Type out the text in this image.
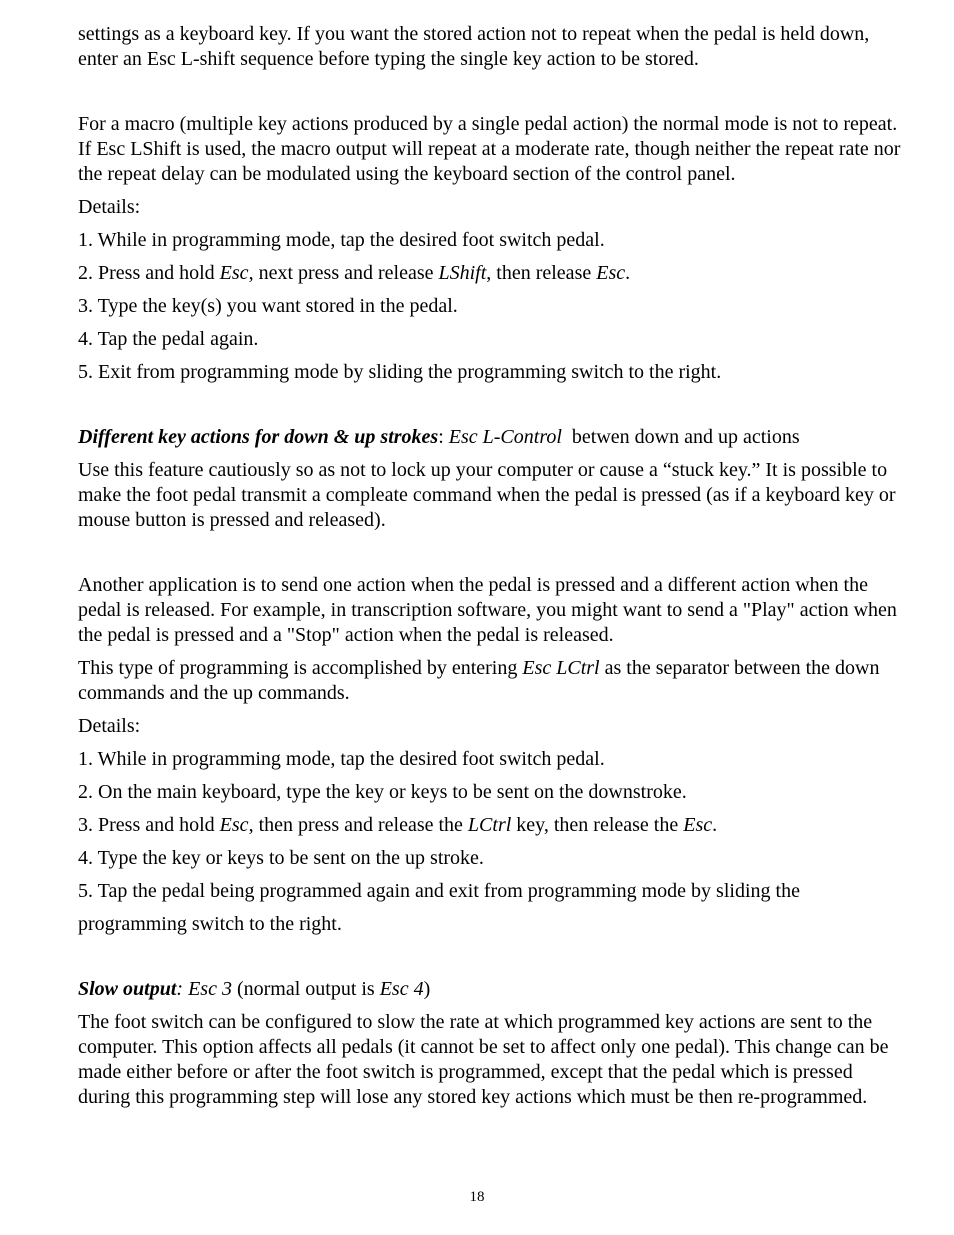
settings as a keyboard key. If you want the stored action not to repeat when the pedal is held down, enter an Esc L-shift sequence before typing the single key action to be stored.

For a macro (multiple key actions produced by a single pedal action) the normal mode is not to repeat. If Esc LShift is used, the macro output will repeat at a moderate rate, though neither the repeat rate nor the repeat delay can be modulated using the keyboard section of the control panel.

Details:

1. While in programming mode, tap the desired foot switch pedal.

2. Press and hold Esc, next press and release LShift, then release Esc.

3. Type the key(s) you want stored in the pedal.

4. Tap the pedal again.

5. Exit from programming mode by sliding the programming switch to the right.

Different key actions for down & up strokes: Esc L-Control  betwen down and up actions

Use this feature cautiously so as not to lock up your computer or cause a “stuck key.” It is possible to make the foot pedal transmit a compleate command when the pedal is pressed (as if a keyboard key or mouse button is pressed and released).

Another application is to send one action when the pedal is pressed and a different action when the pedal is released. For example, in transcription software, you might want to send a "Play" action when the pedal is pressed and a "Stop" action when the pedal is released.

This type of programming is accomplished by entering Esc LCtrl as the separator between the down commands and the up commands.

Details:

1. While in programming mode, tap the desired foot switch pedal.

2. On the main keyboard, type the key or keys to be sent on the downstroke.

3. Press and hold Esc, then press and release the LCtrl key, then release the Esc.

4. Type the key or keys to be sent on the up stroke.

5. Tap the pedal being programmed again and exit from programming mode by sliding the

programming switch to the right.

Slow output: Esc 3 (normal output is Esc 4)

The foot switch can be configured to slow the rate at which programmed key actions are sent to the computer. This option affects all pedals (it cannot be set to affect only one pedal). This change can be made either before or after the foot switch is programmed, except that the pedal which is pressed during this programming step will lose any stored key actions which must be then re-programmed.

18
